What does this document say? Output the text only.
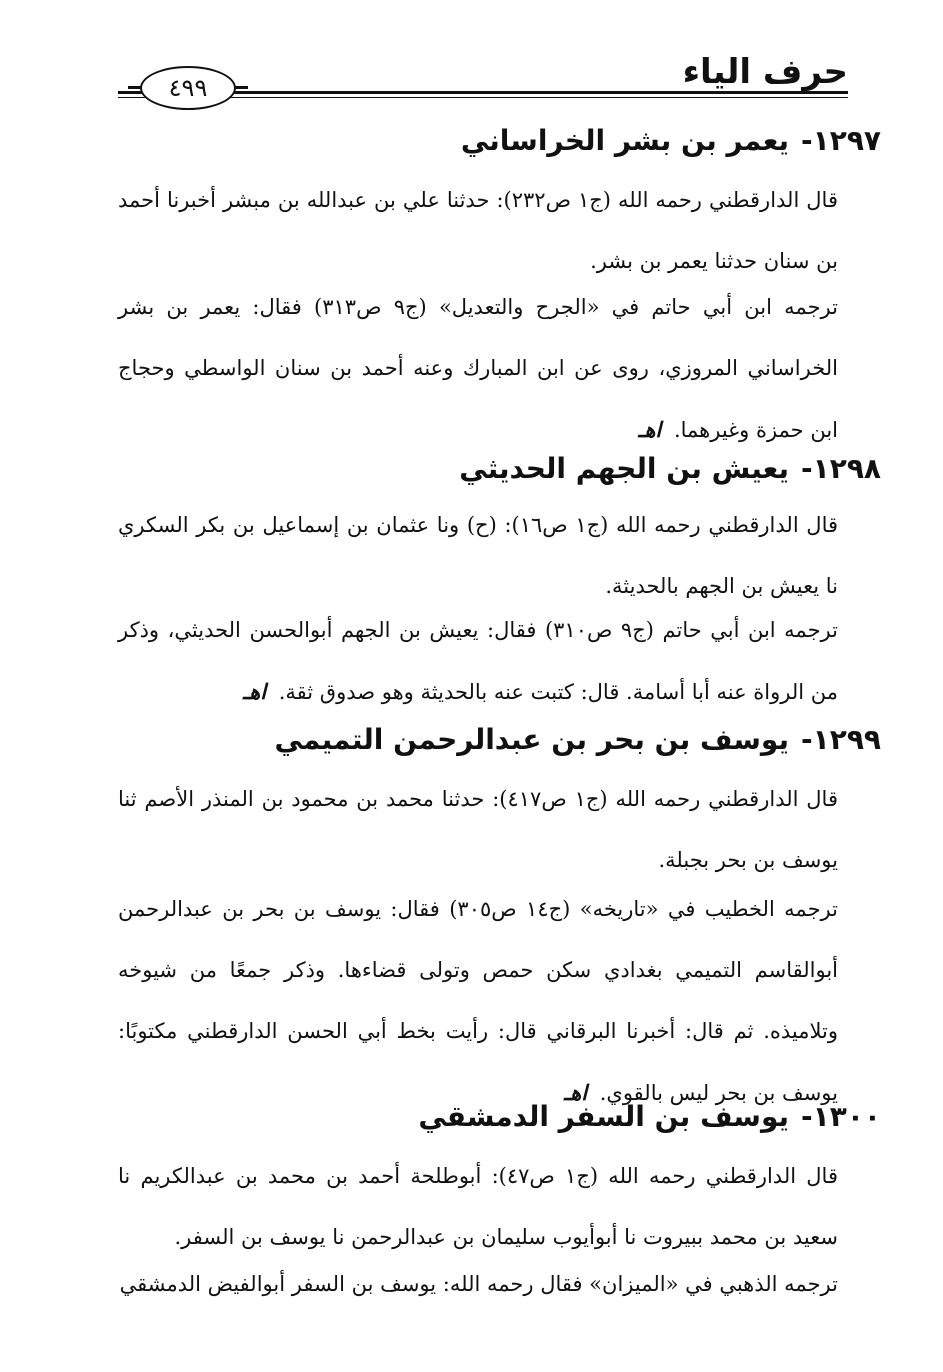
حرف الياء
٤٩٩
١٢٩٧-يعمر بن بشر الخراساني
قال الدارقطني رحمه الله (ج١ ص٢٣٢): حدثنا علي بن عبدالله بن مبشر أخبرنا أحمد بن سنان حدثنا يعمر بن بشر.
ترجمه ابن أبي حاتم في «الجرح والتعديل» (ج٩ ص٣١٣) فقال: يعمر بن بشر الخراساني المروزي، روى عن ابن المبارك وعنه أحمد بن سنان الواسطي وحجاج ابن حمزة وغيرهما. اهـ
١٢٩٨-يعيش بن الجهم الحديثي
قال الدارقطني رحمه الله (ج١ ص١٦): (ح) ونا عثمان بن إسماعيل بن بكر السكري نا يعيش بن الجهم بالحديثة.
ترجمه ابن أبي حاتم (ج٩ ص٣١٠) فقال: يعيش بن الجهم أبوالحسن الحديثي، وذكر من الرواة عنه أبا أسامة. قال: كتبت عنه بالحديثة وهو صدوق ثقة. اهـ
١٢٩٩-يوسف بن بحر بن عبدالرحمن التميمي
قال الدارقطني رحمه الله (ج١ ص٤١٧): حدثنا محمد بن محمود بن المنذر الأصم ثنا يوسف بن بحر بجبلة.
ترجمه الخطيب في «تاريخه» (ج١٤ ص٣٠٥) فقال: يوسف بن بحر بن عبدالرحمن أبوالقاسم التميمي بغدادي سكن حمص وتولى قضاءها. وذكر جمعًا من شيوخه وتلاميذه. ثم قال: أخبرنا البرقاني قال: رأيت بخط أبي الحسن الدارقطني مكتوبًا: يوسف بن بحر ليس بالقوي. اهـ
١٣٠٠-يوسف بن السفر الدمشقي
قال الدارقطني رحمه الله (ج١ ص٤٧): أبوطلحة أحمد بن محمد بن عبدالكريم نا سعيد بن محمد ببيروت نا أبوأيوب سليمان بن عبدالرحمن نا يوسف بن السفر.
ترجمه الذهبي في «الميزان» فقال رحمه الله: يوسف بن السفر أبوالفيض الدمشقي
